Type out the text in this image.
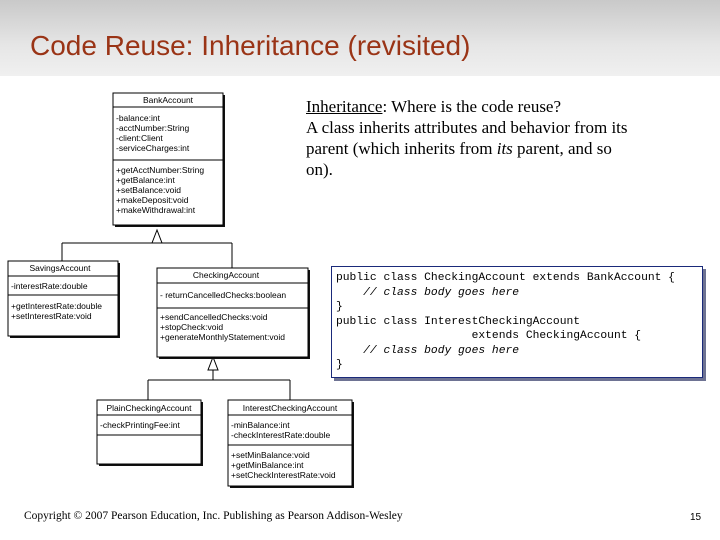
Code Reuse: Inheritance (revisited)
BankAccount
-balance:int
-acctNumber:String
-client:Client
-serviceCharges:int
+getAcctNumber:String
+getBalance:int
+setBalance:void
+makeDeposit:void
+makeWithdrawal:int
SavingsAccount
-interestRate:double
+getInterestRate:double
+setInterestRate:void
CheckingAccount
- returnCancelledChecks:boolean
+sendCancelledChecks:void
+stopCheck:void
+generateMonthlyStatement:void
PlainCheckingAccount
-checkPrintingFee:int
InterestCheckingAccount
-minBalance:int
-checkInterestRate:double
+setMinBalance:void
+getMinBalance:int
+setCheckInterestRate:void
Inheritance: Where is the code reuse?
A class inherits attributes and behavior from its parent (which inherits from its parent, and so on).
public class CheckingAccount extends BankAccount {
// class body goes here
}
public class InterestCheckingAccount
extends CheckingAccount {
// class body goes here
}
Copyright © 2007 Pearson Education, Inc. Publishing as Pearson Addison-Wesley	15
